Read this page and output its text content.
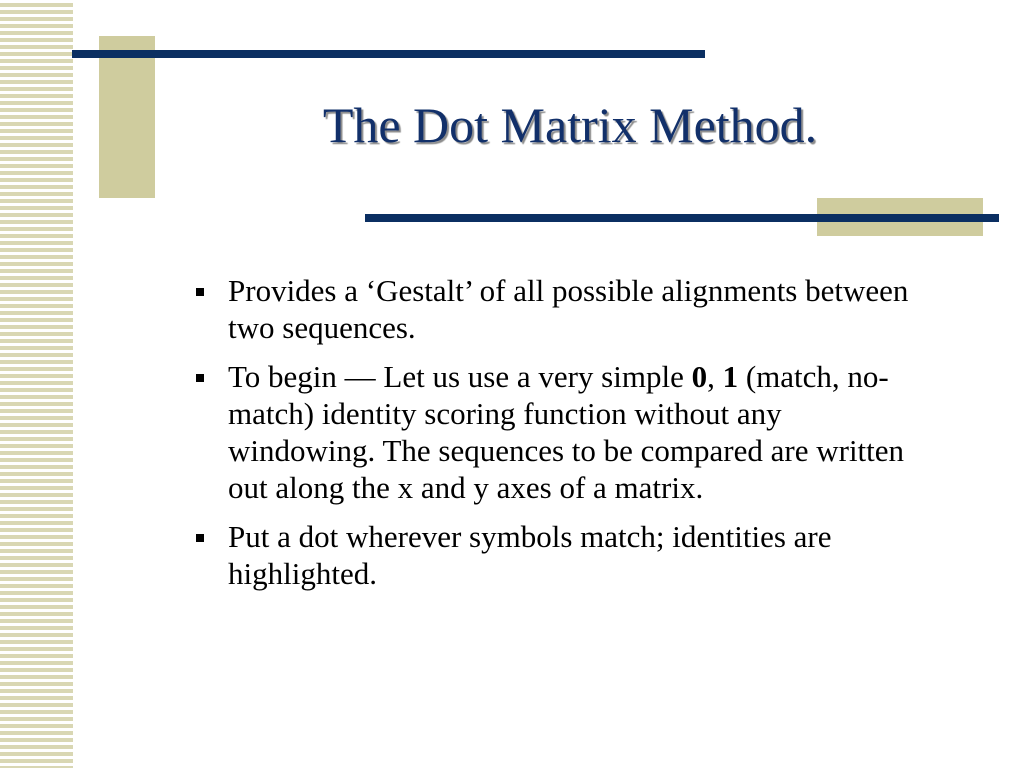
The Dot Matrix Method.
Provides a ‘Gestalt’ of all possible alignments between two sequences.
To begin — Let us use a very simple 0, 1 (match, no-match) identity scoring function without any windowing. The sequences to be compared are written out along the x and y axes of a matrix.
Put a dot wherever symbols match; identities are highlighted.
